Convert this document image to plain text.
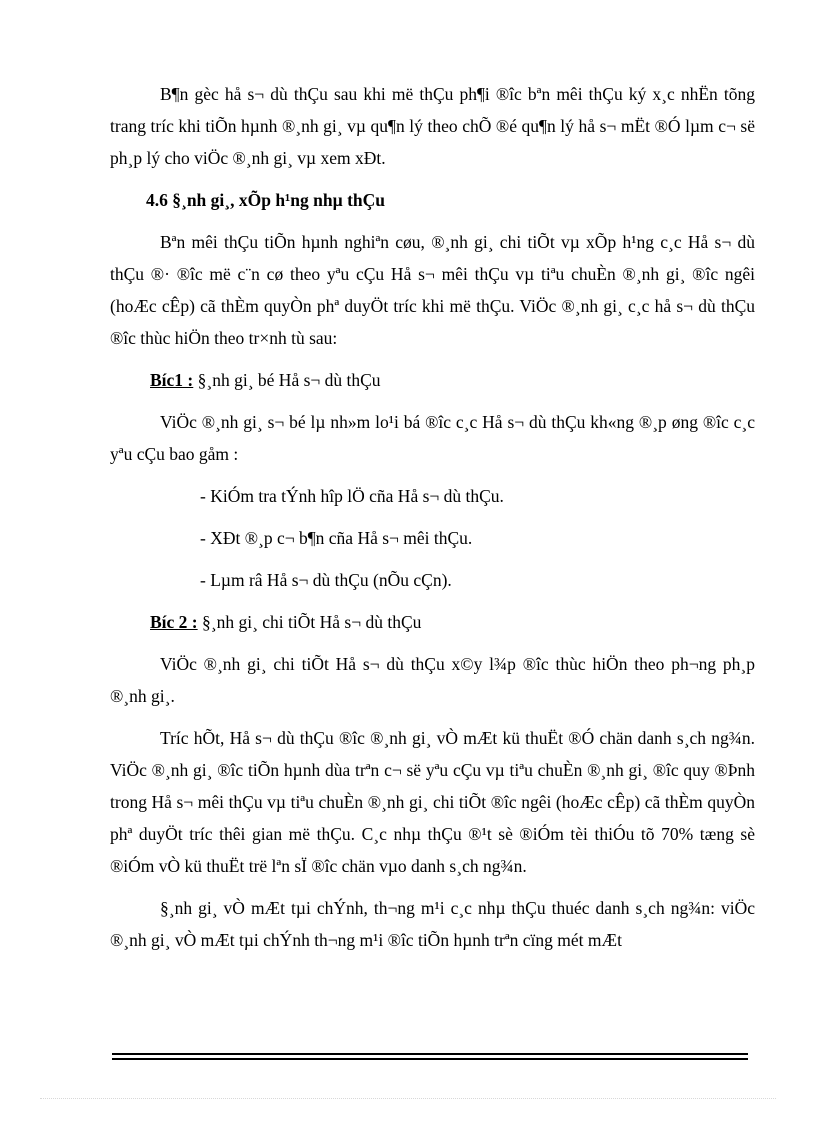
B¶n gèc hå s¬ dù thÇu sau khi më thÇu ph¶i ®îc bªn mêi thÇu ký x¸c nhËn tõng trang tríc khi tiÕn hµnh ®¸nh gi¸ vµ qu¶n lý theo chÕ ®é qu¶n lý hå s¬ mËt ®Ó lµm c¬ së ph¸p lý cho viÖc ®¸nh gi¸ vµ xem xÐt.

4.6 §¸nh gi¸, xÕp h¹ng nhµ thÇu

Bªn mêi thÇu tiÕn hµnh nghiªn cøu, ®¸nh gi¸ chi tiÕt vµ xÕp h¹ng c¸c Hå s¬ dù thÇu ®· ®îc më c¨n cø theo yªu cÇu Hå s¬ mêi thÇu vµ tiªu chuÈn ®¸nh gi¸ ®îc ngêi (hoÆc cÊp) cã thÈm quyÒn phª duyÖt tríc khi më thÇu. ViÖc ®¸nh gi¸ c¸c hå s¬ dù thÇu ®îc thùc hiÖn theo tr×nh tù sau:

Bíc1 : §¸nh gi¸ bé Hå s¬ dù thÇu

ViÖc ®¸nh gi¸ s¬ bé lµ nh»m lo¹i bá ®îc c¸c Hå s¬ dù thÇu kh«ng ®¸p øng ®îc c¸c yªu cÇu bao gåm :

- KiÓm tra tÝnh hîp lÖ cña Hå s¬ dù thÇu.

- XÐt ®¸p c¬ b¶n cña Hå s¬ mêi thÇu.

- Lµm râ Hå s¬ dù thÇu (nÕu cÇn).

Bíc 2 : §¸nh gi¸ chi tiÕt Hå s¬ dù thÇu

ViÖc ®¸nh gi¸ chi tiÕt Hå s¬ dù thÇu x©y l¾p ®îc thùc hiÖn theo ph¬ng ph¸p ®¸nh gi¸.

Tríc hÕt, Hå s¬ dù thÇu ®îc ®¸nh gi¸ vÒ mÆt kü thuËt ®Ó chän danh s¸ch ng¾n. ViÖc ®¸nh gi¸ ®îc tiÕn hµnh dùa trªn c¬ së yªu cÇu vµ tiªu chuÈn ®¸nh gi¸ ®îc quy ®Þnh trong Hå s¬ mêi thÇu vµ tiªu chuÈn ®¸nh gi¸ chi tiÕt ®îc ngêi (hoÆc cÊp) cã thÈm quyÒn phª duyÖt tríc thêi gian më thÇu. C¸c nhµ thÇu ®¹t sè ®iÓm tèi thiÓu tõ 70% tæng sè ®iÓm vÒ kü thuËt trë lªn sÏ ®îc chän vµo danh s¸ch ng¾n.

§¸nh gi¸ vÒ mÆt tµi chÝnh, th¬ng m¹i c¸c nhµ thÇu thuéc danh s¸ch ng¾n: viÖc ®¸nh gi¸ vÒ mÆt tµi chÝnh th¬ng m¹i ®îc tiÕn hµnh trªn cïng mét mÆt
